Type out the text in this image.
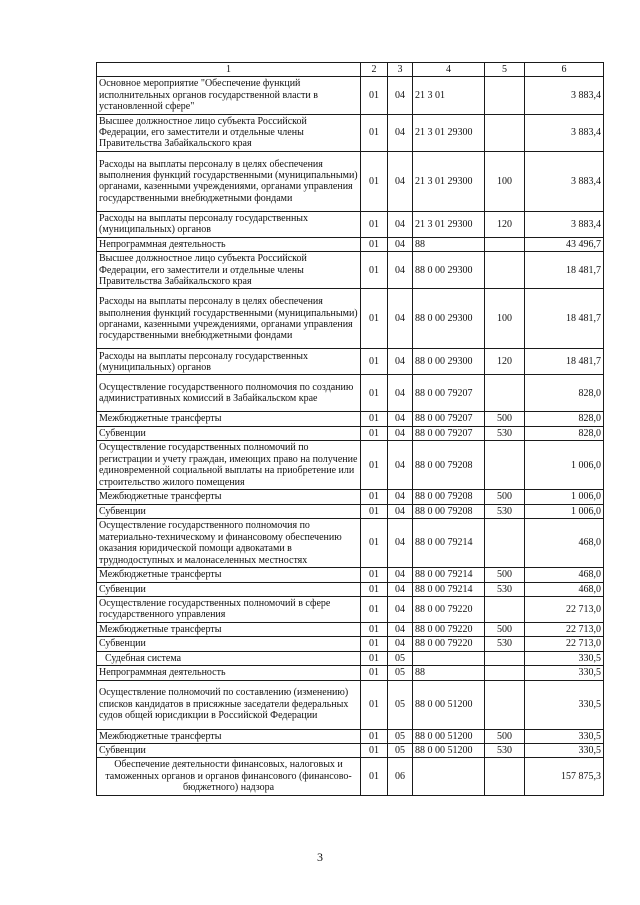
1	2	3	4	5	6
Основное мероприятие "Обеспечение функций исполнительных органов государственной власти в установленной сфере"	01	04	21 3 01		3 883,4
Высшее должностное лицо субъекта Российской Федерации, его заместители и отдельные члены Правительства Забайкальского края	01	04	21 3 01 29300		3 883,4
Расходы на выплаты персоналу в целях обеспечения выполнения функций государственными (муниципальными) органами, казенными учреждениями, органами управления государственными внебюджетными фондами	01	04	21 3 01 29300	100	3 883,4
Расходы на выплаты персоналу государственных (муниципальных) органов	01	04	21 3 01 29300	120	3 883,4
Непрограммная деятельность	01	04	88		43 496,7
Высшее должностное лицо субъекта Российской Федерации, его заместители и отдельные члены Правительства Забайкальского края	01	04	88 0 00 29300		18 481,7
Расходы на выплаты персоналу в целях обеспечения выполнения функций государственными (муниципальными) органами, казенными учреждениями, органами управления государственными внебюджетными фондами	01	04	88 0 00 29300	100	18 481,7
Расходы на выплаты персоналу государственных (муниципальных) органов	01	04	88 0 00 29300	120	18 481,7
Осуществление государственного полномочия по созданию административных комиссий в Забайкальском крае	01	04	88 0 00 79207		828,0
Межбюджетные трансферты	01	04	88 0 00 79207	500	828,0
Субвенции	01	04	88 0 00 79207	530	828,0
Осуществление государственных полномочий по регистрации и учету граждан, имеющих право на получение единовременной социальной выплаты на приобретение или строительство жилого помещения	01	04	88 0 00 79208		1 006,0
Межбюджетные трансферты	01	04	88 0 00 79208	500	1 006,0
Субвенции	01	04	88 0 00 79208	530	1 006,0
Осуществление государственного полномочия по материально-техническому и финансовому обеспечению оказания юридической помощи адвокатами в труднодоступных и малонаселенных местностях	01	04	88 0 00 79214		468,0
Межбюджетные трансферты	01	04	88 0 00 79214	500	468,0
Субвенции	01	04	88 0 00 79214	530	468,0
Осуществление государственных полномочий в сфере государственного управления	01	04	88 0 00 79220		22 713,0
Межбюджетные трансферты	01	04	88 0 00 79220	500	22 713,0
Субвенции	01	04	88 0 00 79220	530	22 713,0
Судебная система	01	05			330,5
Непрограммная деятельность	01	05	88		330,5
Осуществление полномочий по составлению (изменению) списков кандидатов в присяжные заседатели федеральных судов общей юрисдикции в Российской Федерации	01	05	88 0 00 51200		330,5
Межбюджетные трансферты	01	05	88 0 00 51200	500	330,5
Субвенции	01	05	88 0 00 51200	530	330,5
Обеспечение деятельности финансовых, налоговых и таможенных органов и органов финансового (финансово-бюджетного) надзора	01	06			157 875,3
3
